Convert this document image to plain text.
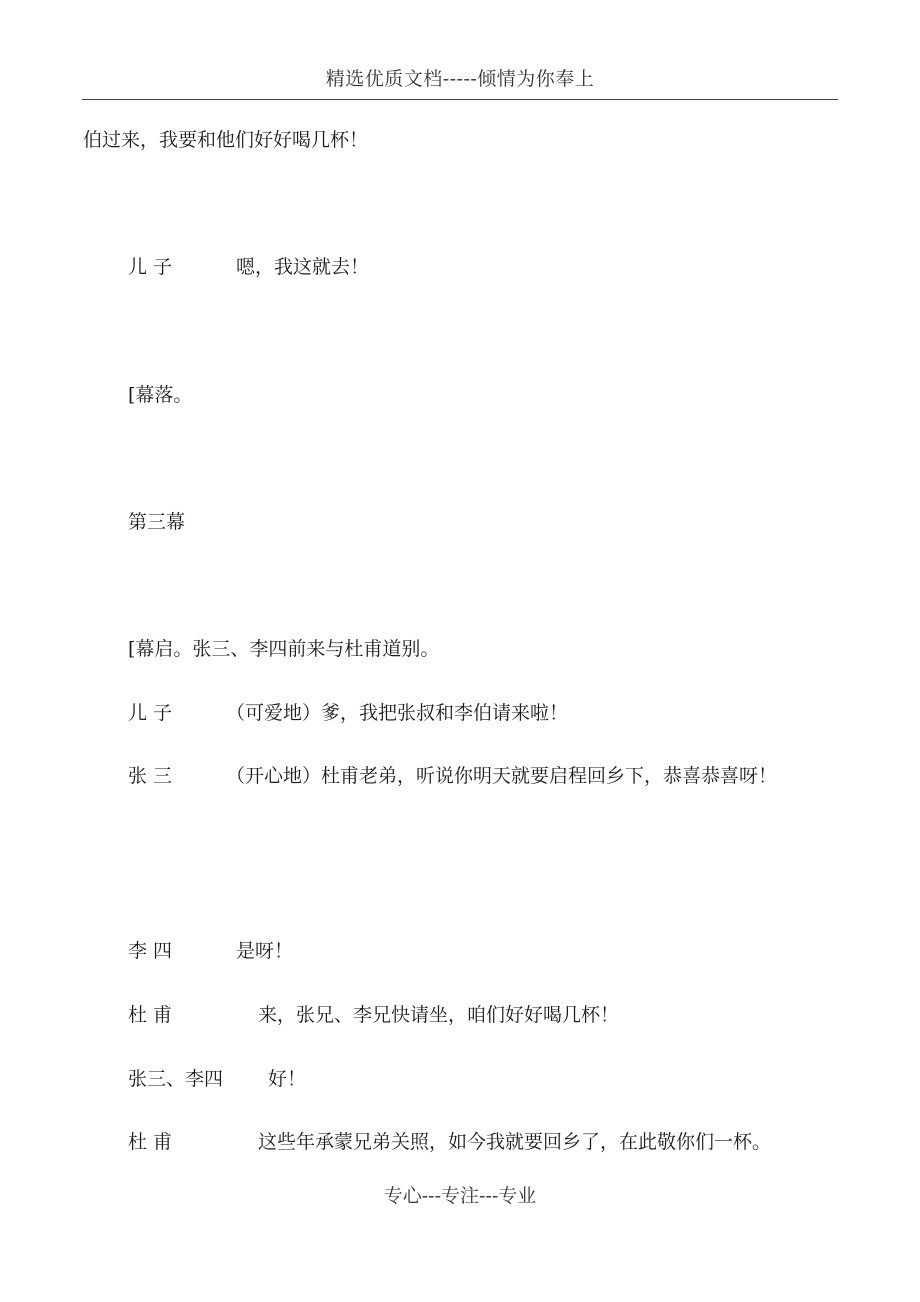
精选优质文档-----倾情为你奉上
伯过来，我要和他们好好喝几杯！
儿 子	嗯，我这就去！
[幕落。
第三幕
[幕启。张三、李四前来与杜甫道别。
儿 子	（可爱地）爹，我把张叔和李伯请来啦！
张 三	（开心地）杜甫老弟，听说你明天就要启程回乡下，恭喜恭喜呀！
李 四	是呀！
杜 甫	来，张兄、李兄快请坐，咱们好好喝几杯！
张三、李四 好！
杜 甫	这些年承蒙兄弟关照，如今我就要回乡了，在此敬你们一杯。
专心---专注---专业
